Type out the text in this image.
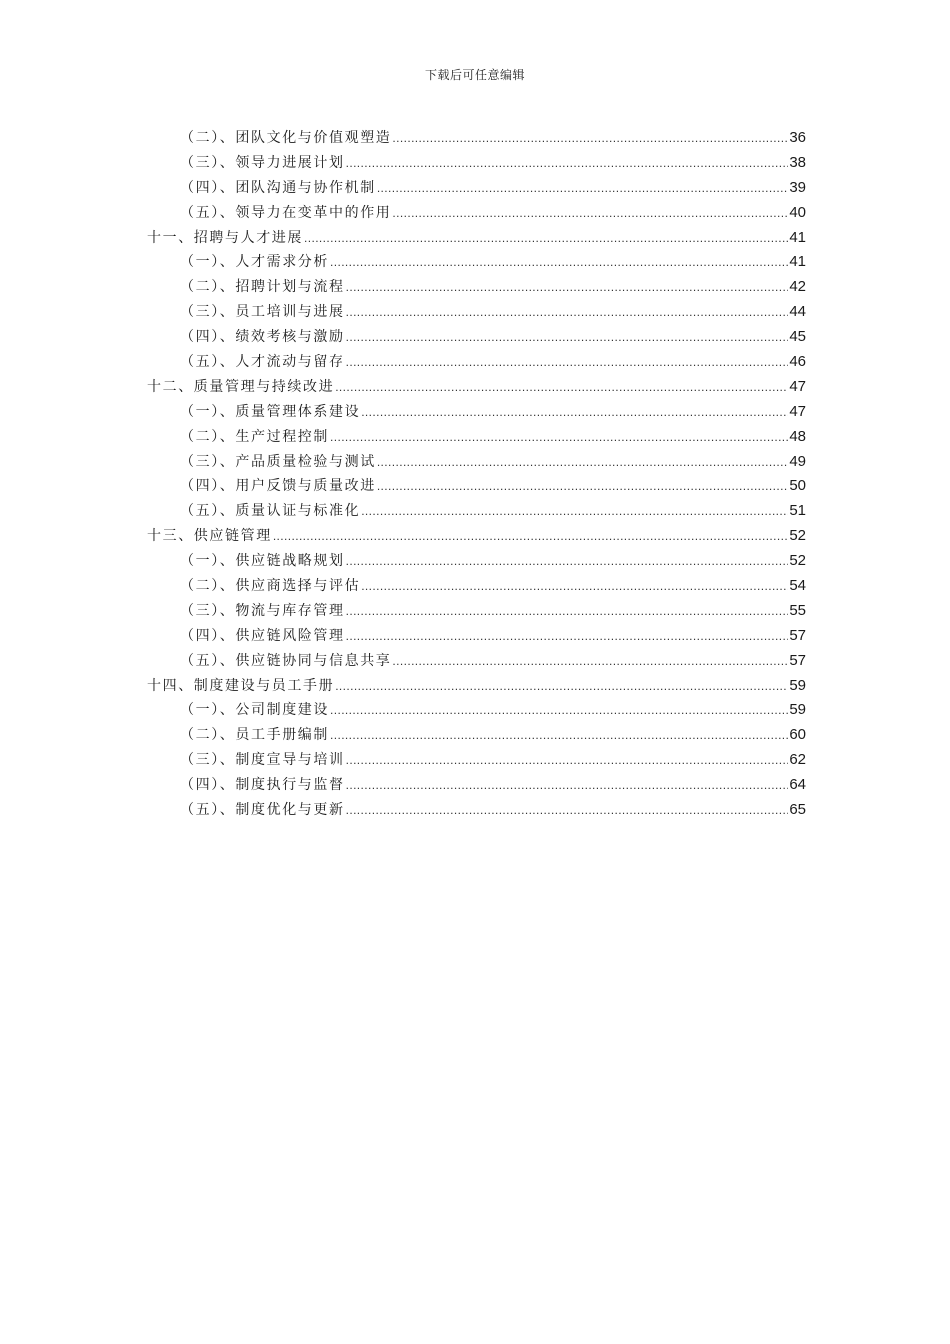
下载后可任意编辑
（二）、团队文化与价值观塑造 .....	36
（三）、领导力进展计划 .....	38
（四）、团队沟通与协作机制 .....	39
（五）、领导力在变革中的作用 .....	40
十一、招聘与人才进展 .....	41
（一）、人才需求分析 .....	41
（二）、招聘计划与流程 .....	42
（三）、员工培训与进展 .....	44
（四）、绩效考核与激励 .....	45
（五）、人才流动与留存 .....	46
十二、质量管理与持续改进 .....	47
（一）、质量管理体系建设 .....	47
（二）、生产过程控制 .....	48
（三）、产品质量检验与测试 .....	49
（四）、用户反馈与质量改进 .....	50
（五）、质量认证与标准化 .....	51
十三、供应链管理 .....	52
（一）、供应链战略规划 .....	52
（二）、供应商选择与评估 .....	54
（三）、物流与库存管理 .....	55
（四）、供应链风险管理 .....	57
（五）、供应链协同与信息共享 .....	57
十四、制度建设与员工手册 .....	59
（一）、公司制度建设 .....	59
（二）、员工手册编制 .....	60
（三）、制度宣导与培训 .....	62
（四）、制度执行与监督 .....	64
（五）、制度优化与更新 .....	65
